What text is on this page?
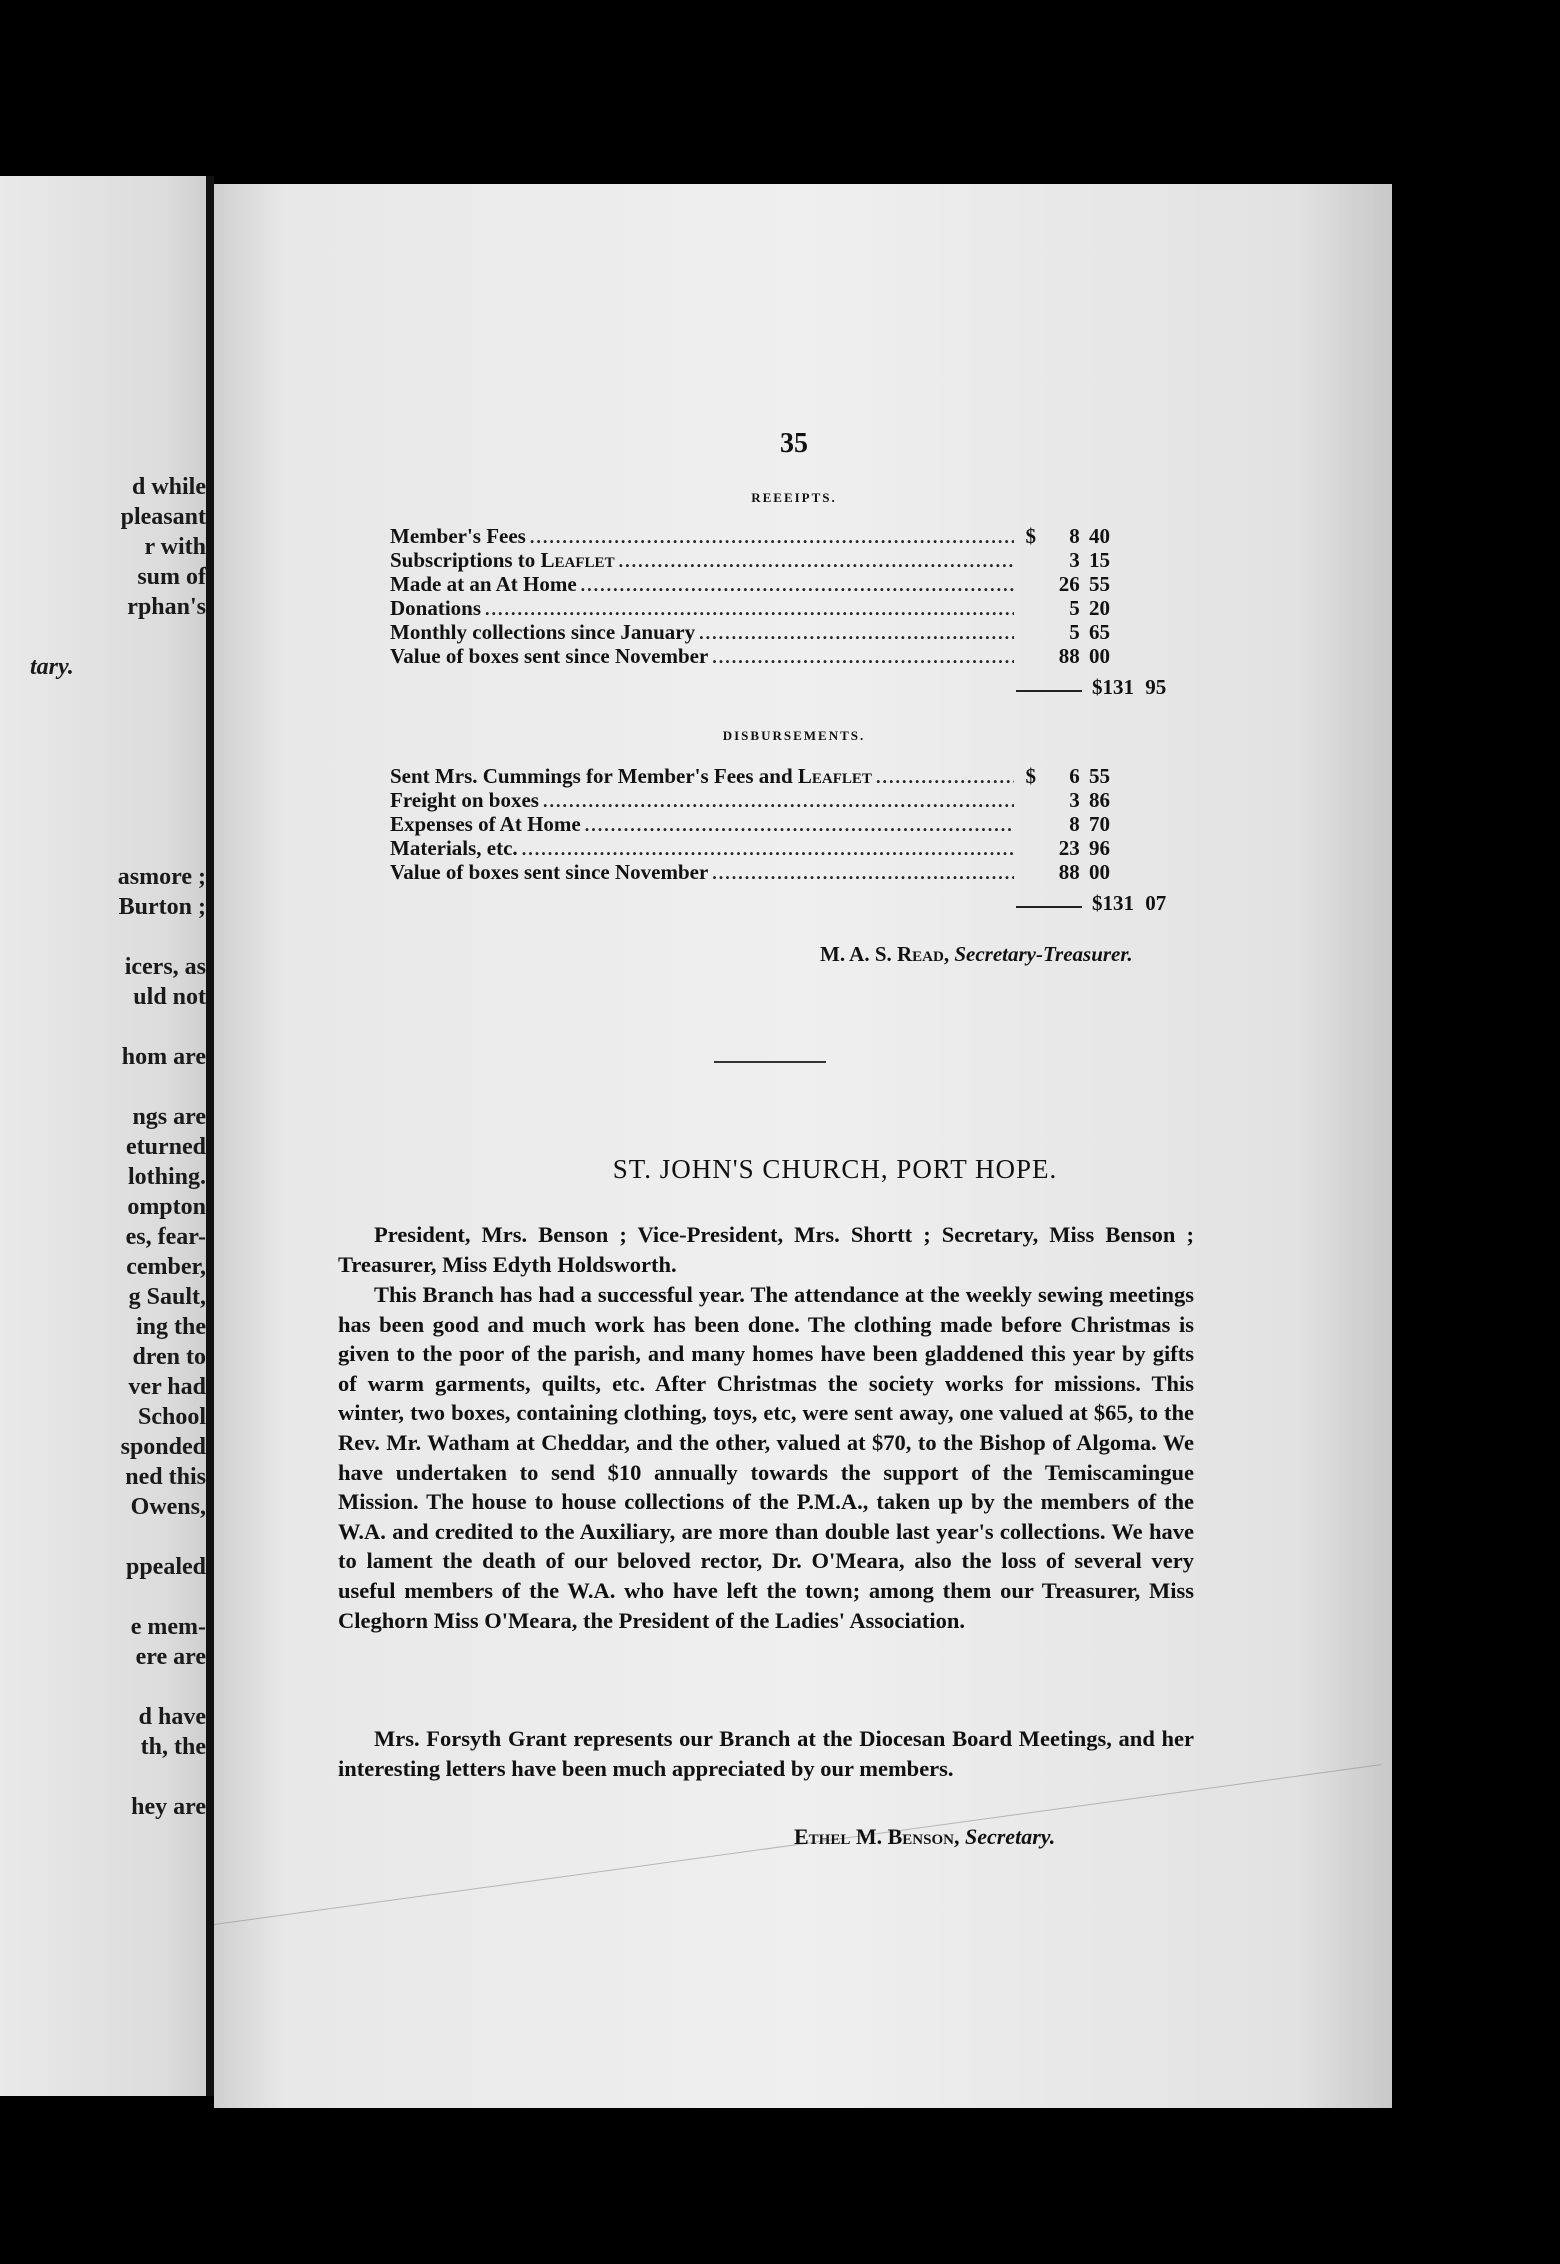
d while
pleasant
r with
sum of
rphan's
tary.
asmore ;
Burton ;
icers, as
uld not
hom are
ngs are
eturned
lothing.
ompton
es, fear-
cember,
g Sault,
ing the
dren to
ver had
School
sponded
ned this
Owens,
ppealed
e mem-
ere are
d have
th, the
hey are
35
REEEIPTS.
Member's Fees .....	$	8 40
Subscriptions to Leaflet .....	3 15
Made at an At Home .....	26 55
Donations .....	5 20
Monthly collections since January .....	5 65
Value of boxes sent since November .....	88 00
$131 95
DISBURSEMENTS.
Sent Mrs. Cummings for Member's Fees and Leaflet .....	$	6 55
Freight on boxes .....	3 86
Expenses of At Home .....	8 70
Materials, etc. .....	23 96
Value of boxes sent since November .....	88 00
$131 07
M. A. S. Read, Secretary-Treasurer.
ST. JOHN'S CHURCH, PORT HOPE.

President, Mrs. Benson ; Vice-President, Mrs. Shortt ; Secretary, Miss Benson ; Treasurer, Miss Edyth Holdsworth.

This Branch has had a successful year. The attendance at the weekly sewing meetings has been good and much work has been done. The clothing made before Christmas is given to the poor of the parish, and many homes have been gladdened this year by gifts of warm garments, quilts, etc. After Christmas the society works for missions. This winter, two boxes, containing clothing, toys, etc, were sent away, one valued at $65, to the Rev. Mr. Watham at Cheddar, and the other, valued at $70, to the Bishop of Algoma. We have undertaken to send $10 annually towards the support of the Temiscamingue Mission. The house to house collections of the P.M.A., taken up by the members of the W.A. and credited to the Auxiliary, are more than double last year's collections. We have to lament the death of our beloved rector, Dr. O'Meara, also the loss of several very useful members of the W.A. who have left the town; among them our Treasurer, Miss Cleghorn Miss O'Meara, the President of the Ladies' Association.

Mrs. Forsyth Grant represents our Branch at the Diocesan Board Meetings, and her interesting letters have been much appreciated by our members.

Ethel M. Benson, Secretary.
